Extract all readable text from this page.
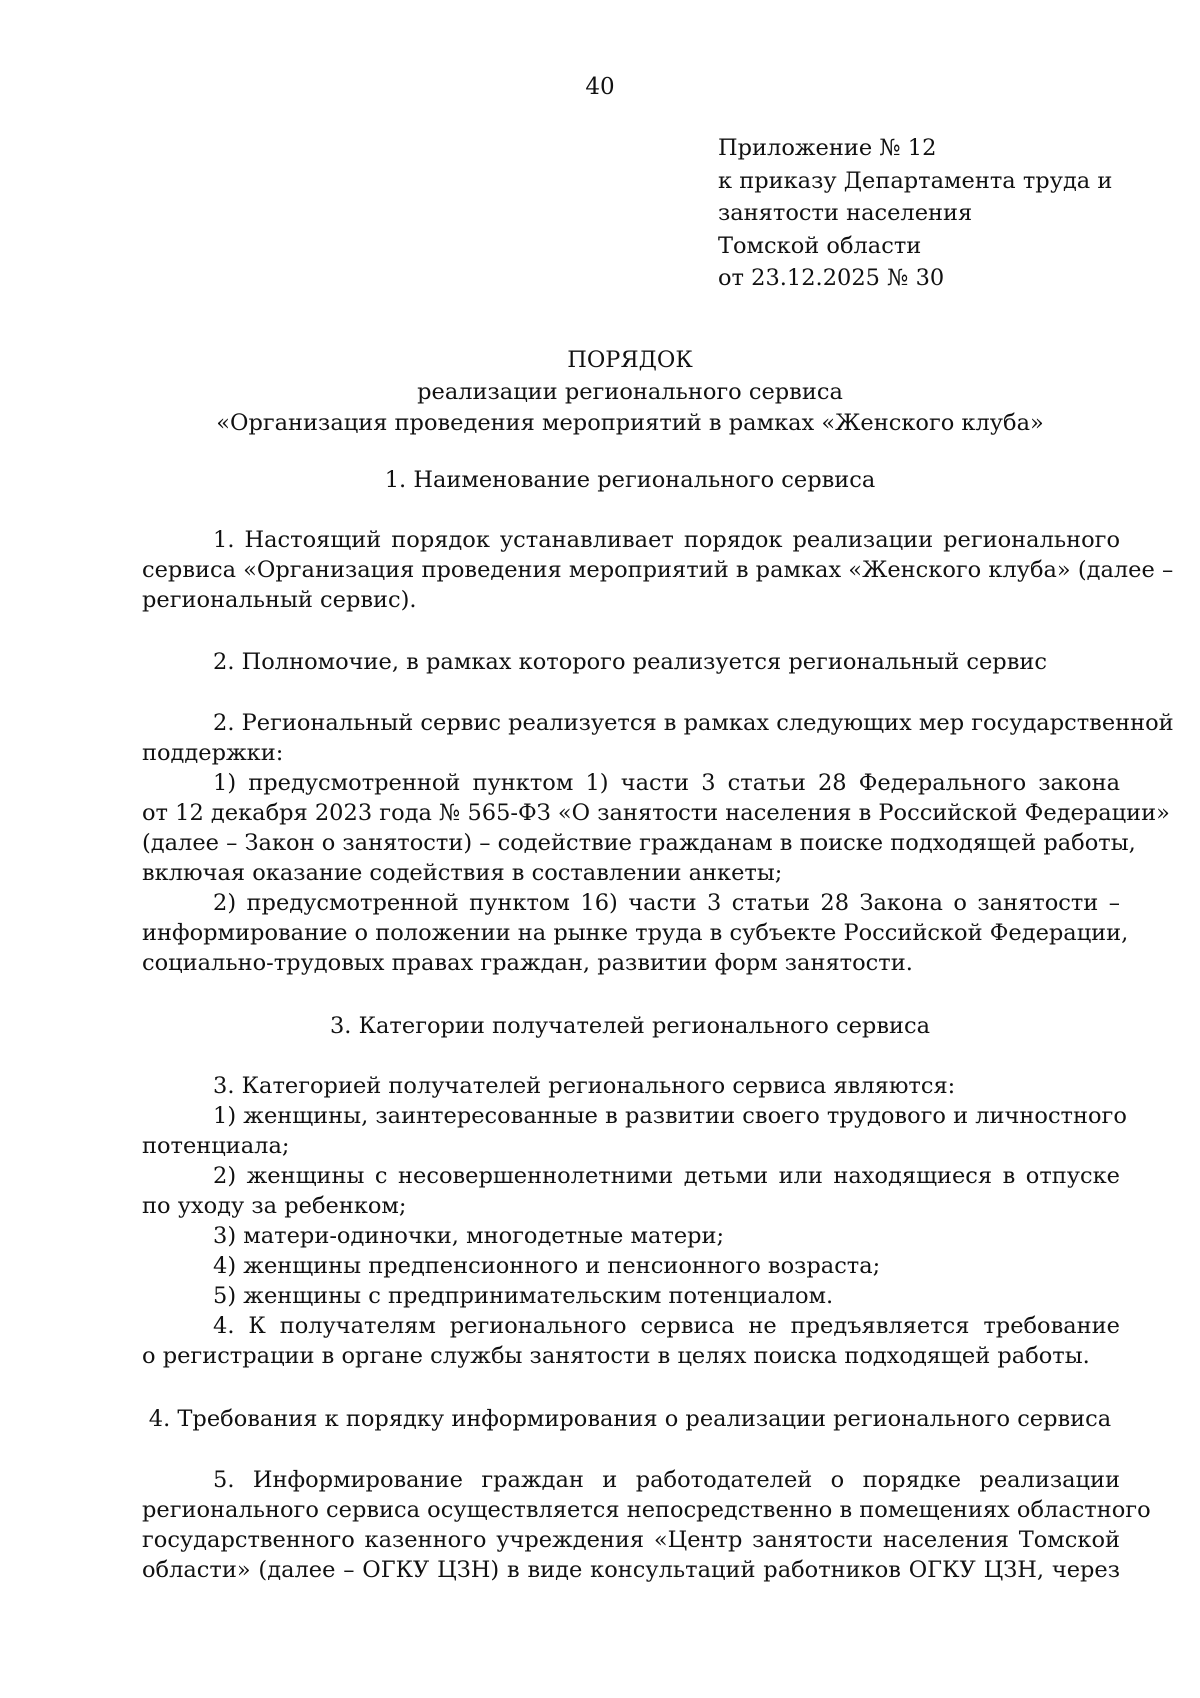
40
Приложение № 12
к приказу Департамента труда и
занятости населения
Томской области
от 23.12.2025 № 30
ПОРЯДОК
реализации регионального сервиса
«Организация проведения мероприятий в рамках «Женского клуба»
1. Наименование регионального сервиса
1. Настоящий порядок устанавливает порядок реализации регионального
сервиса «Организация проведения мероприятий в рамках «Женского клуба» (далее –
региональный сервис).
2. Полномочие, в рамках которого реализуется региональный сервис
2. Региональный сервис реализуется в рамках следующих мер государственной
поддержки:
1) предусмотренной пунктом 1) части 3 статьи 28 Федерального закона
от 12 декабря 2023 года № 565-ФЗ «О занятости населения в Российской Федерации»
(далее – Закон о занятости) – содействие гражданам в поиске подходящей работы,
включая оказание содействия в составлении анкеты;
2) предусмотренной пунктом 16) части 3 статьи 28 Закона о занятости –
информирование о положении на рынке труда в субъекте Российской Федерации,
социально-трудовых правах граждан, развитии форм занятости.
3. Категории получателей регионального сервиса
3. Категорией получателей регионального сервиса являются:
1) женщины, заинтересованные в развитии своего трудового и личностного
потенциала;
2) женщины с несовершеннолетними детьми или находящиеся в отпуске
по уходу за ребенком;
3) матери-одиночки, многодетные матери;
4) женщины предпенсионного и пенсионного возраста;
5) женщины с предпринимательским потенциалом.
4. К получателям регионального сервиса не предъявляется требование
о регистрации в органе службы занятости в целях поиска подходящей работы.
4. Требования к порядку информирования о реализации регионального сервиса
5. Информирование граждан и работодателей о порядке реализации
регионального сервиса осуществляется непосредственно в помещениях областного
государственного казенного учреждения «Центр занятости населения Томской
области» (далее – ОГКУ ЦЗН) в виде консультаций работников ОГКУ ЦЗН, через
